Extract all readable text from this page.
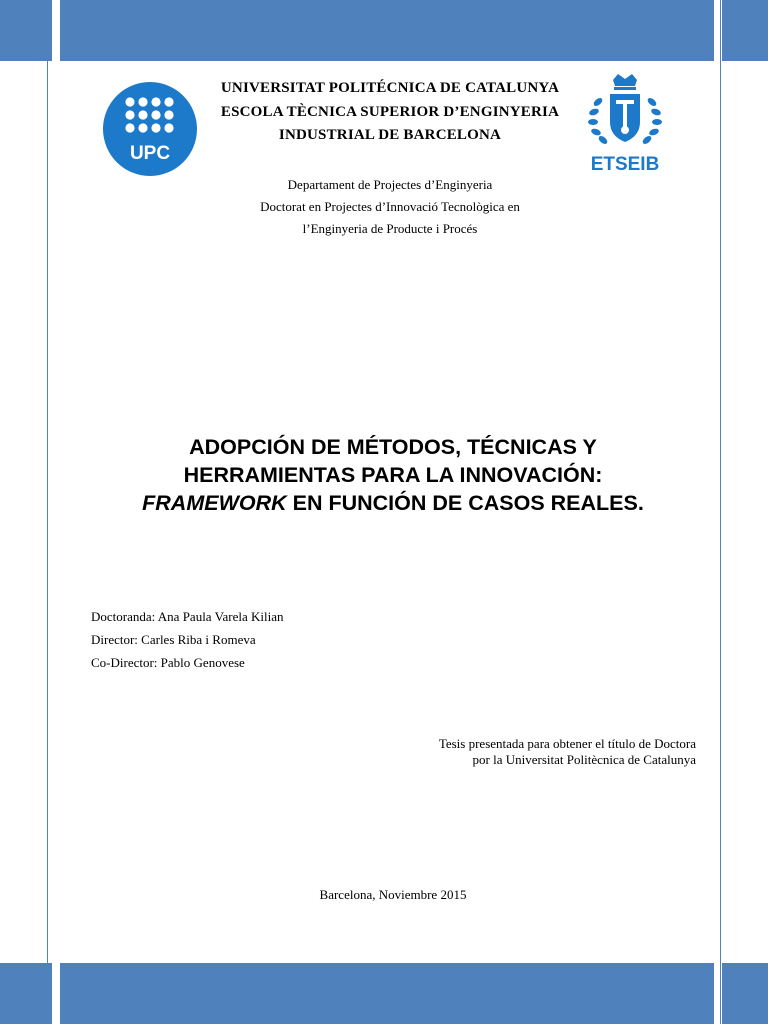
UPC
ETSEIB
UNIVERSITAT POLITÉCNICA DE CATALUNYA
ESCOLA TÈCNICA SUPERIOR D’ENGINYERIA
INDUSTRIAL DE BARCELONA
Departament de Projectes d’Enginyeria
Doctorat en Projectes d’Innovació Tecnològica en
l’Enginyeria de Producte i Procés
ADOPCIÓN DE MÉTODOS, TÉCNICAS Y
HERRAMIENTAS PARA LA INNOVACIÓN:
FRAMEWORK EN FUNCIÓN DE CASOS REALES.
Doctoranda: Ana Paula Varela Kilian
Director: Carles Riba i Romeva
Co-Director: Pablo Genovese
Tesis presentada para obtener el título de Doctora
por la Universitat Politècnica de Catalunya
Barcelona, Noviembre 2015
